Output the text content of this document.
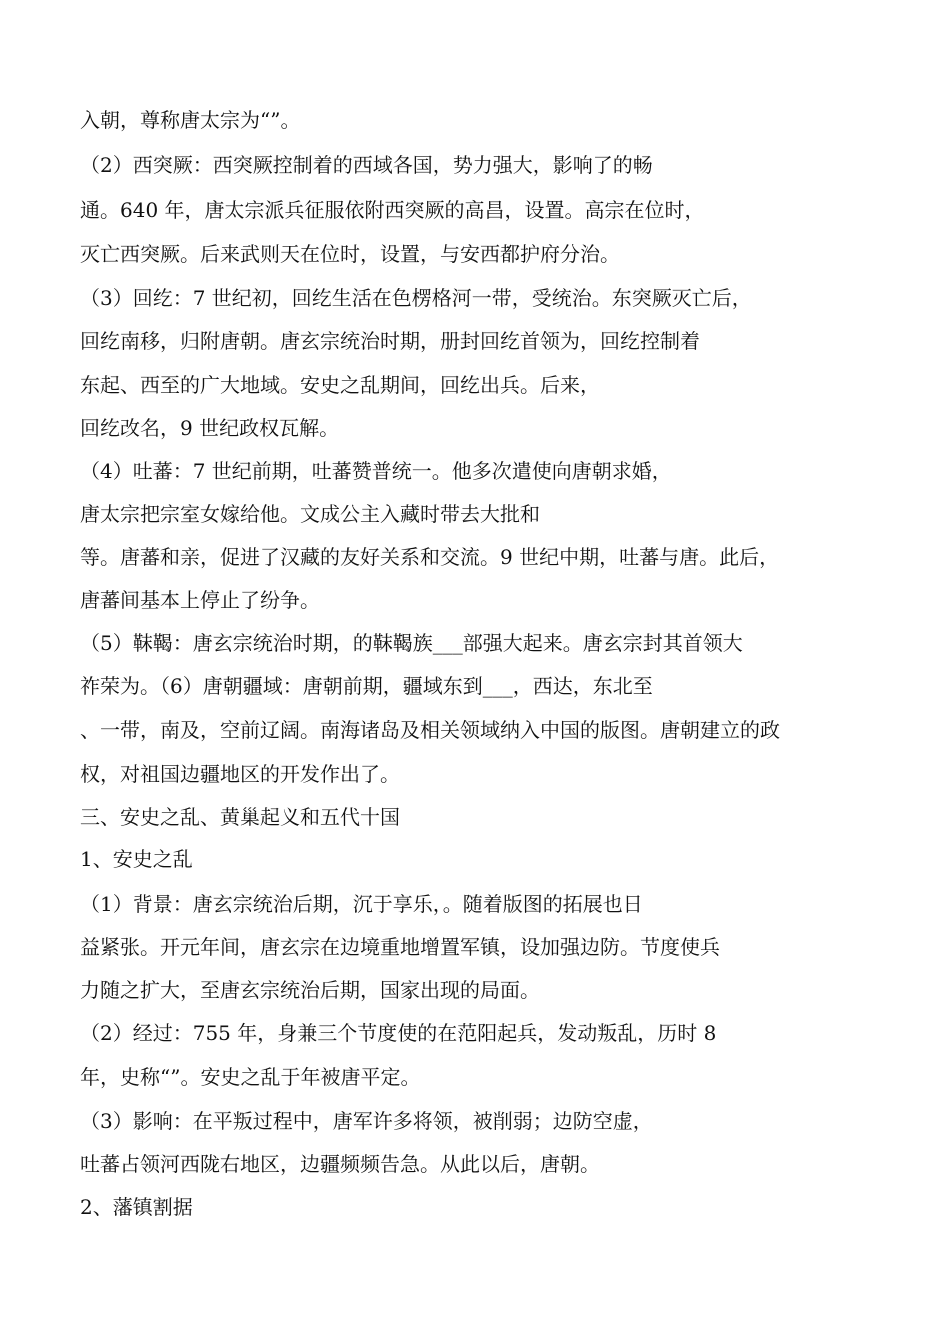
入朝，尊称唐太宗为“”。

（2）西突厥：西突厥控制着的西域各国，势力强大，影响了的畅

通。640 年，唐太宗派兵征服依附西突厥的高昌，设置。高宗在位时，

灭亡西突厥。后来武则天在位时，设置，与安西都护府分治。

（3）回纥：7 世纪初，回纥生活在色楞格河一带，受统治。东突厥灭亡后，

回纥南移，归附唐朝。唐玄宗统治时期，册封回纥首领为，回纥控制着

东起、西至的广大地域。安史之乱期间，回纥出兵。后来，

回纥改名，9 世纪政权瓦解。

（4）吐蕃：7 世纪前期，吐蕃赞普统一。他多次遣使向唐朝求婚，

唐太宗把宗室女嫁给他。文成公主入藏时带去大批和

等。唐蕃和亲，促进了汉藏的友好关系和交流。9 世纪中期，吐蕃与唐。此后，

唐蕃间基本上停止了纷争。

（5）靺鞨：唐玄宗统治时期，的靺鞨族___部强大起来。唐玄宗封其首领大

祚荣为。（6）唐朝疆域：唐朝前期，疆域东到___，西达，东北至

、一带，南及，空前辽阔。南海诸岛及相关领域纳入中国的版图。唐朝建立的政

权，对祖国边疆地区的开发作出了。

三、安史之乱、黄巢起义和五代十国

1、安史之乱

（1）背景：唐玄宗统治后期，沉于享乐，。随着版图的拓展也日

益紧张。开元年间，唐玄宗在边境重地增置军镇，设加强边防。节度使兵

力随之扩大，至唐玄宗统治后期，国家出现的局面。

（2）经过：755 年，身兼三个节度使的在范阳起兵，发动叛乱，历时 8

年，史称“”。安史之乱于年被唐平定。

（3）影响：在平叛过程中，唐军许多将领，被削弱；边防空虚，

吐蕃占领河西陇右地区，边疆频频告急。从此以后，唐朝。

2、藩镇割据
